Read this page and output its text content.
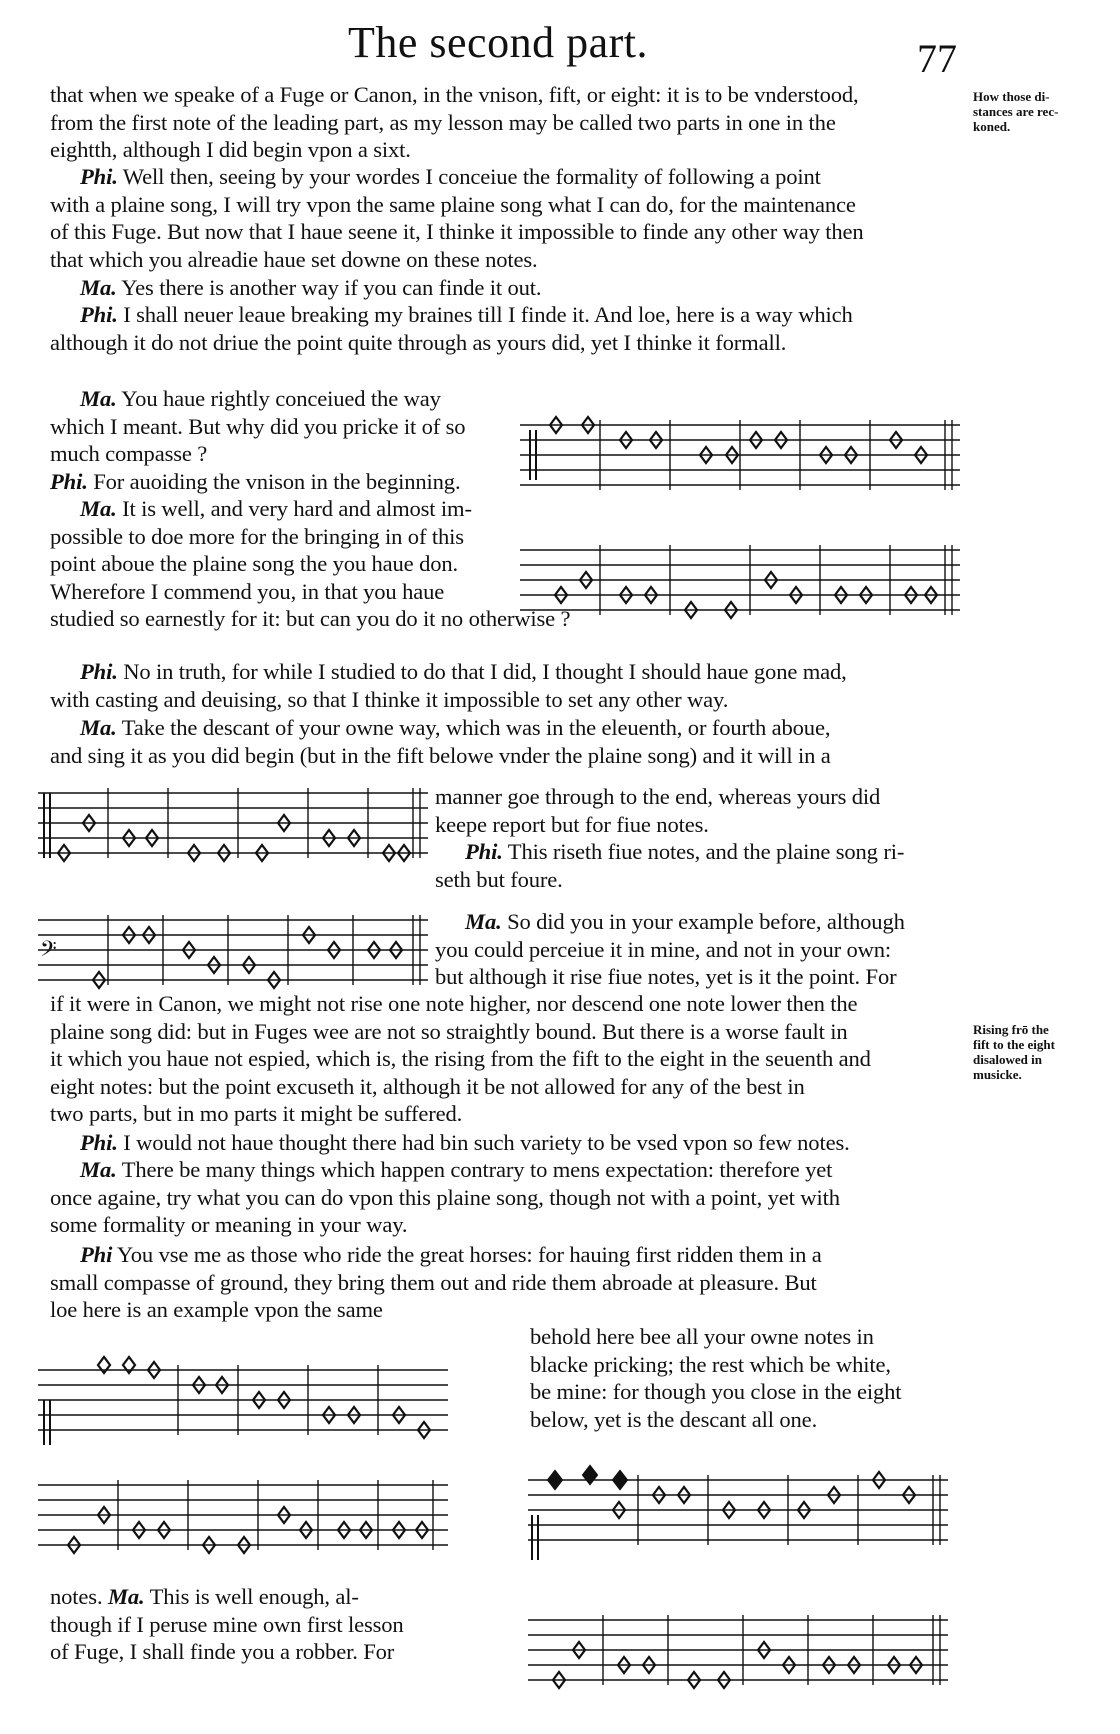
The second part.	77
that when we speake of a Fuge or Canon, in the vnison, fift, or eight: it is to be vnderstood,
from the first note of the leading part, as my lesson may be called two parts in one in the
eightth, although I did begin vpon a sixt.
How those di-
stances are rec-
koned.
Phi. Well then, seeing by your wordes I conceiue the formality of following a point
with a plaine song, I will try vpon the same plaine song what I can do, for the maintenance
of this Fuge. But now that I haue seene it, I thinke it impossible to finde any other way then
that which you alreadie haue set downe on these notes.
Ma. Yes there is another way if you can finde it out.
Phi. I shall neuer leaue breaking my braines till I finde it. And loe, here is a way which
although it do not driue the point quite through as yours did, yet I thinke it formall.
Ma. You haue rightly conceiued the way
which I meant. But why did you pricke it of so
much compasse ?
Phi. For auoiding the vnison in the beginning.
Ma. It is well, and very hard and almost im-
possible to doe more for the bringing in of this
point aboue the plaine song the you haue don.
Wherefore I commend you, in that you haue
studied so earnestly for it: but can you do it no otherwise ?
Phi. No in truth, for while I studied to do that I did, I thought I should haue gone mad,
with casting and deuising, so that I thinke it impossible to set any other way.
Ma. Take the descant of your owne way, which was in the eleuenth, or fourth aboue,
and sing it as you did begin (but in the fift belowe vnder the plaine song) and it will in a
manner goe through to the end, whereas yours did
keepe report but for fiue notes.
Phi. This riseth fiue notes, and the plaine song ri-
seth but foure.
𝄢
Ma. So did you in your example before, although
you could perceiue it in mine, and not in your own:
but although it rise fiue notes, yet is it the point. For
if it were in Canon, we might not rise one note higher, nor descend one note lower then the
plaine song did: but in Fuges wee are not so straightly bound. But there is a worse fault in
it which you haue not espied, which is, the rising from the fift to the eight in the seuenth and
eight notes: but the point excuseth it, although it be not allowed for any of the best in
two parts, but in mo parts it might be suffered.
Rising frō the
fift to the eight
disalowed in
musicke.
Phi. I would not haue thought there had bin such variety to be vsed vpon so few notes.
Ma. There be many things which happen contrary to mens expectation: therefore yet
once againe, try what you can do vpon this plaine song, though not with a point, yet with
some formality or meaning in your way.
Phi You vse me as those who ride the great horses: for hauing first ridden them in a
small compasse of ground, they bring them out and ride them abroade at pleasure. But
loe here is an example vpon the same
behold here bee all your owne notes in
blacke pricking; the rest which be white,
be mine: for though you close in the eight
below, yet is the descant all one.
notes. Ma. This is well enough, al-
though if I peruse mine own first lesson
of Fuge, I shall finde you a robber. For
